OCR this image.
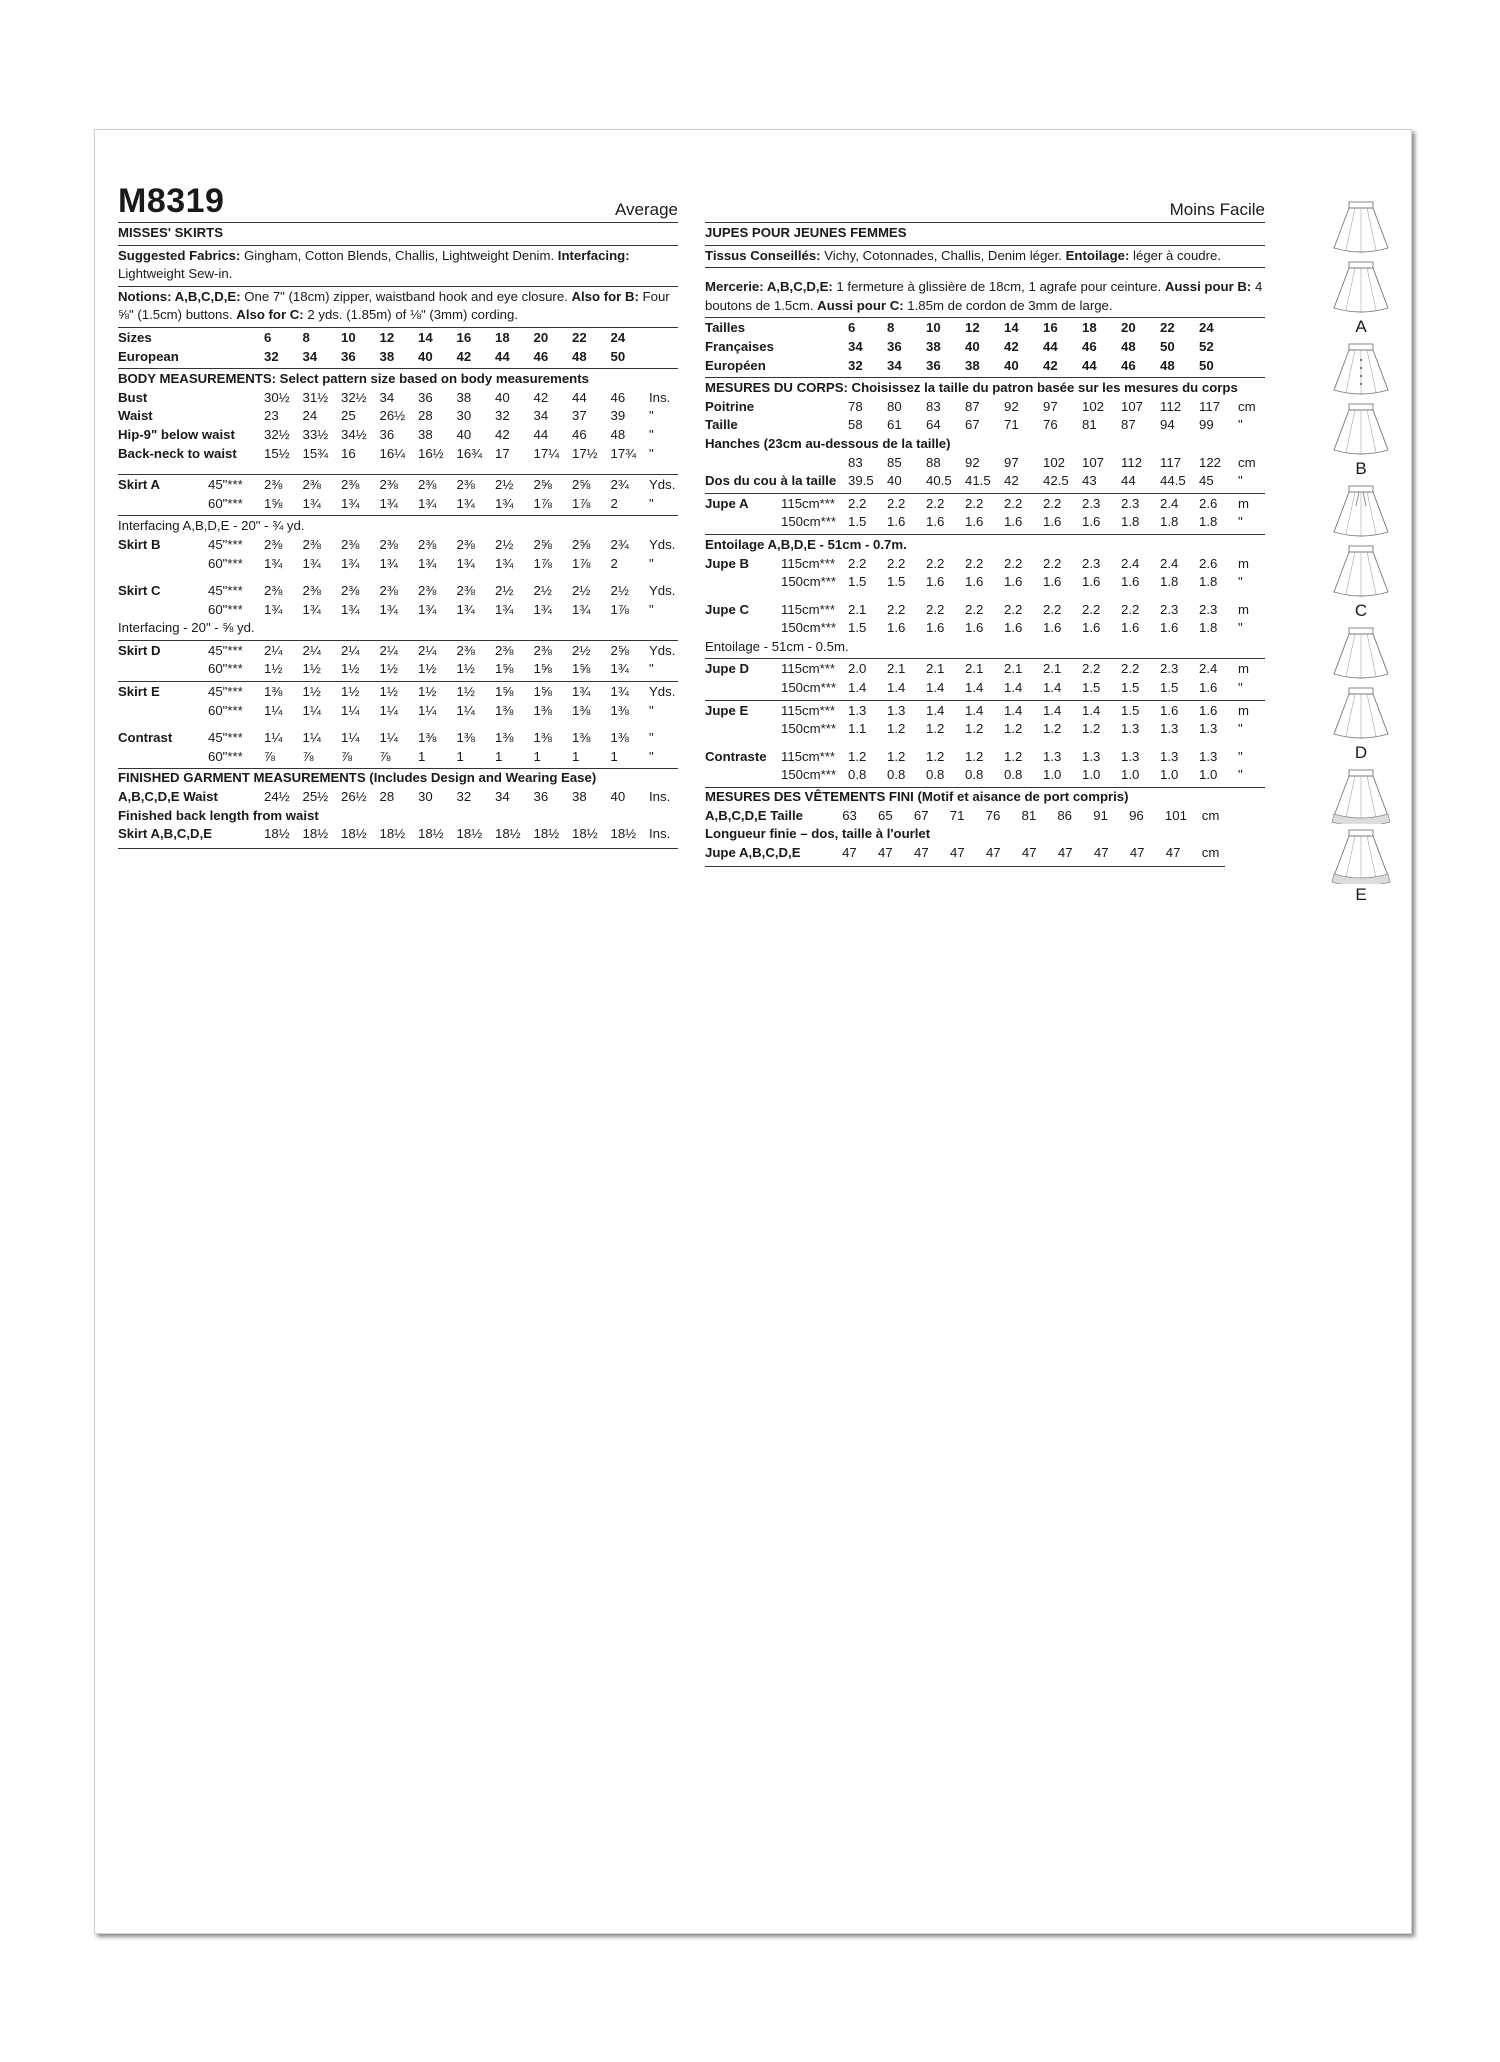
M8319	Average
MISSES' SKIRTS
Suggested Fabrics: Gingham, Cotton Blends, Challis, Lightweight Denim. Interfacing: Lightweight Sew-in.
Notions: A,B,C,D,E: One 7" (18cm) zipper, waistband hook and eye closure. Also for B: Four ⅝" (1.5cm) buttons. Also for C: 2 yds. (1.85m) of ⅛" (3mm) cording.
Sizes	6	8	10	12	14	16	18	20	22	24	
European	32	34	36	38	40	42	44	46	48	50	
BODY MEASUREMENTS: Select pattern size based on body measurements
Bust	30½	31½	32½	34	36	38	40	42	44	46	Ins.
Waist	23	24	25	26½	28	30	32	34	37	39	"
Hip-9" below waist	32½	33½	34½	36	38	40	42	44	46	48	"
Back-neck to waist	15½	15¾	16	16¼	16½	16¾	17	17¼	17½	17¾	"
Skirt A	45"***	2⅜	2⅜	2⅜	2⅜	2⅜	2⅜	2½	2⅝	2⅝	2¾	Yds.
	60"***	1⅝	1¾	1¾	1¾	1¾	1¾	1¾	1⅞	1⅞	2	"
Interfacing A,B,D,E - 20" - ¾ yd.
Skirt B	45"***	2⅜	2⅜	2⅜	2⅜	2⅜	2⅜	2½	2⅝	2⅝	2¾	Yds.
	60"***	1¾	1¾	1¾	1¾	1¾	1¾	1¾	1⅞	1⅞	2	"
Skirt C	45"***	2⅜	2⅜	2⅜	2⅜	2⅜	2⅜	2½	2½	2½	2½	Yds.
	60"***	1¾	1¾	1¾	1¾	1¾	1¾	1¾	1¾	1¾	1⅞	"
Interfacing - 20" - ⅝ yd.
Skirt D	45"***	2¼	2¼	2¼	2¼	2¼	2⅜	2⅜	2⅜	2½	2⅝	Yds.
	60"***	1½	1½	1½	1½	1½	1½	1⅝	1⅝	1⅝	1¾	"
Skirt E	45"***	1⅜	1½	1½	1½	1½	1½	1⅝	1⅝	1¾	1¾	Yds.
	60"***	1¼	1¼	1¼	1¼	1¼	1¼	1⅜	1⅜	1⅜	1⅜	"
Contrast	45"***	1¼	1¼	1¼	1¼	1⅜	1⅜	1⅜	1⅜	1⅜	1⅜	"
	60"***	⅞	⅞	⅞	⅞	1	1	1	1	1	1	"
FINISHED GARMENT MEASUREMENTS (Includes Design and Wearing Ease)
A,B,C,D,E Waist	24½	25½	26½	28	30	32	34	36	38	40	Ins.
Finished back length from waist
Skirt A,B,C,D,E	18½	18½	18½	18½	18½	18½	18½	18½	18½	18½	Ins.
Moins Facile
JUPES POUR JEUNES FEMMES
Tissus Conseillés: Vichy, Cotonnades, Challis, Denim léger. Entoilage: léger à coudre.
Mercerie: A,B,C,D,E: 1 fermeture à glissière de 18cm, 1 agrafe pour ceinture. Aussi pour B: 4 boutons de 1.5cm. Aussi pour C: 1.85m de cordon de 3mm de large.
Tailles	6	8	10	12	14	16	18	20	22	24	
Françaises	34	36	38	40	42	44	46	48	50	52	
Européen	32	34	36	38	40	42	44	46	48	50	
MESURES DU CORPS: Choisissez la taille du patron basée sur les mesures du corps
Poitrine	78	80	83	87	92	97	102	107	112	117	cm
Taille	58	61	64	67	71	76	81	87	94	99	"
Hanches (23cm au-dessous de la taille)
	83	85	88	92	97	102	107	112	117	122	cm
Dos du cou à la taille	39.5	40	40.5	41.5	42	42.5	43	44	44.5	45	"
Jupe A	115cm***	2.2	2.2	2.2	2.2	2.2	2.2	2.3	2.3	2.4	2.6	m
	150cm***	1.5	1.6	1.6	1.6	1.6	1.6	1.6	1.8	1.8	1.8	"
Entoilage A,B,D,E - 51cm - 0.7m.
Jupe B	115cm***	2.2	2.2	2.2	2.2	2.2	2.2	2.3	2.4	2.4	2.6	m
	150cm***	1.5	1.5	1.6	1.6	1.6	1.6	1.6	1.6	1.8	1.8	"
Jupe C	115cm***	2.1	2.2	2.2	2.2	2.2	2.2	2.2	2.2	2.3	2.3	m
	150cm***	1.5	1.6	1.6	1.6	1.6	1.6	1.6	1.6	1.6	1.8	"
Entoilage - 51cm - 0.5m.
Jupe D	115cm***	2.0	2.1	2.1	2.1	2.1	2.1	2.2	2.2	2.3	2.4	m
	150cm***	1.4	1.4	1.4	1.4	1.4	1.4	1.5	1.5	1.5	1.6	"
Jupe E	115cm***	1.3	1.3	1.4	1.4	1.4	1.4	1.4	1.5	1.6	1.6	m
	150cm***	1.1	1.2	1.2	1.2	1.2	1.2	1.2	1.3	1.3	1.3	"
Contraste	115cm***	1.2	1.2	1.2	1.2	1.2	1.3	1.3	1.3	1.3	1.3	"
	150cm***	0.8	0.8	0.8	0.8	0.8	1.0	1.0	1.0	1.0	1.0	"
MESURES DES VÊTEMENTS FINI (Motif et aisance de port compris)
A,B,C,D,E Taille	63	65	67	71	76	81	86	91	96	101	cm
Longueur finie – dos, taille à l'ourlet
Jupe A,B,C,D,E	47	47	47	47	47	47	47	47	47	47	cm
A
B
C
D
E
